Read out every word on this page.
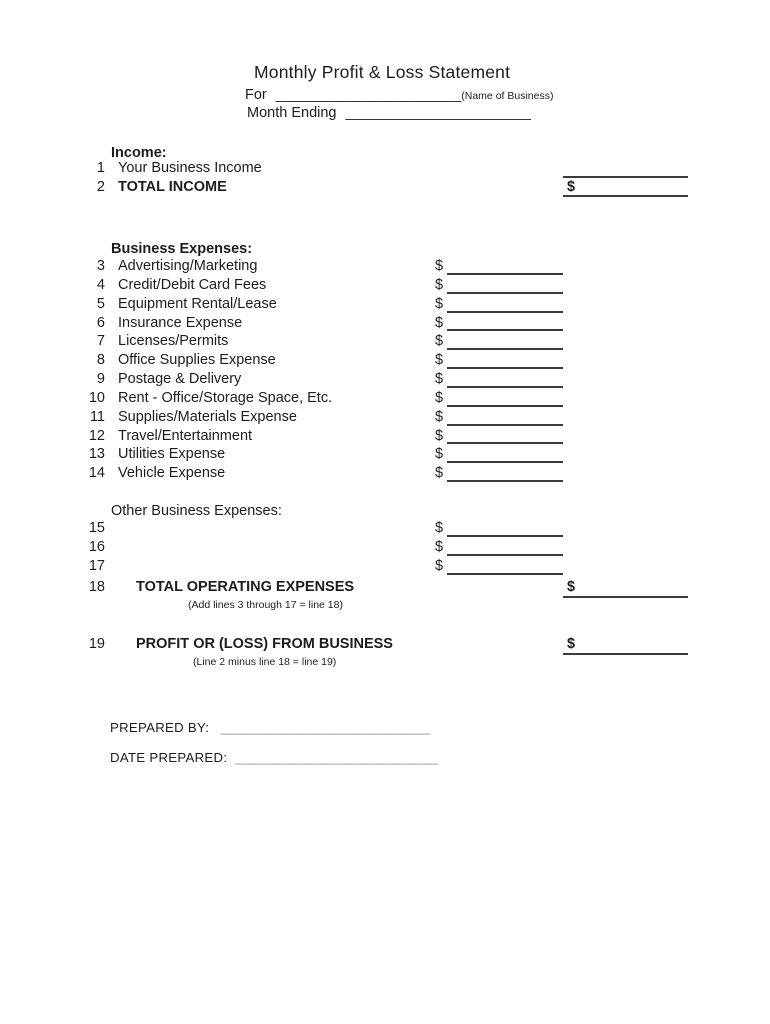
Monthly Profit & Loss Statement
For _______________________(Name of Business)
Month Ending _______________________
Income:
1 Your Business Income
2 TOTAL INCOME	$
Business Expenses:
3 Advertising/Marketing	$
4 Credit/Debit Card Fees	$
5 Equipment Rental/Lease	$
6 Insurance Expense	$
7 Licenses/Permits	$
8 Office Supplies Expense	$
9 Postage & Delivery	$
10 Rent - Office/Storage Space, Etc.	$
11 Supplies/Materials Expense	$
12 Travel/Entertainment	$
13 Utilities Expense	$
14 Vehicle Expense	$
Other Business Expenses:
15	$
16	$
17	$
18 TOTAL OPERATING EXPENSES	$
(Add lines 3 through 17 = line 18)
19 PROFIT OR (LOSS) FROM BUSINESS	$
(Line 2 minus line 18 = line 19)
PREPARED BY: _____________________________
DATE PREPARED: ____________________________
